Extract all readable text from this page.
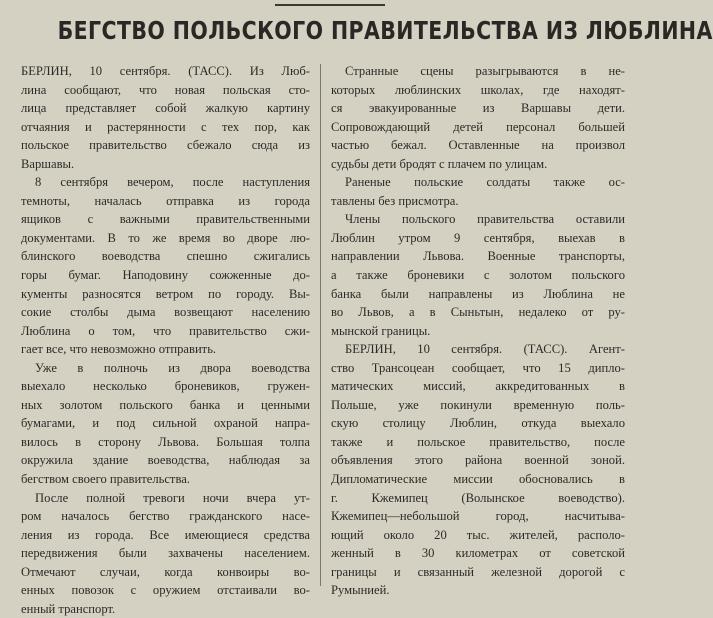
БЕГСТВО ПОЛЬСКОГО ПРАВИТЕЛЬСТВА ИЗ ЛЮБЛИНА
БЕРЛИН, 10 сентября. (ТАСС). Из Люб-
лина сообщают, что новая польская сто-
лица представляет собой жалкую картину
отчаяния и растерянности с тех пор, как
польское правительство сбежало сюда из
Варшавы.
8 сентября вечером, после наступления
темноты, началась отправка из города
ящиков с важными правительственными
документами. В то же время во дворе лю-
блинского воеводства спешно сжигались
горы бумаг. Наподовину сожженные до-
кументы разносятся ветром по городу. Вы-
сокие столбы дыма возвещают населению
Люблина о том, что правительство сжи-
гает все, что невозможно отправить.
Уже в полночь из двора воеводства
выехало несколько броневиков, гружен-
ных золотом польского банка и ценными
бумагами, и под сильной охраной напра-
вилось в сторону Львова. Большая толпа
окружила здание воеводства, наблюдая за
бегством своего правительства.
После полной тревоги ночи вчера ут-
ром началось бегство гражданского насе-
ления из города. Все имеющиеся средства
передвижения были захвачены населением.
Отмечают случаи, когда конвоиры во-
енных повозок с оружием отстаивали во-
енный транспорт.
Странные сцены разыгрываются в не-
которых люблинских школах, где находят-
ся эвакуированные из Варшавы дети.
Сопровождающий детей персонал большей
частью бежал. Оставленные на произвол
судьбы дети бродят с плачем по улицам.
Раненые польские солдаты также ос-
тавлены без присмотра.
Члены польского правительства оставили
Люблин утром 9 сентября, выехав в
направлении Львова. Военные транспорты,
а также броневики с золотом польского
банка были направлены из Люблина не
во Львов, а в Сыньтын, недалеко от ру-
мынской границы.
БЕРЛИН, 10 сентября. (ТАСС). Агент-
ство Трансоцеан сообщает, что 15 дипло-
матических миссий, аккредитованных в
Польше, уже покинули временную поль-
скую столицу Люблин, откуда выехало
также и польское правительство, после
объявления этого района военной зоной.
Дипломатические миссии обосновались в
г. Кжемипец (Волынское воеводство).
Кжемипец—небольшой город, насчитыва-
ющий около 20 тыс. жителей, располо-
женный в 30 километрах от советской
границы и связанный железной дорогой с
Румынией.
